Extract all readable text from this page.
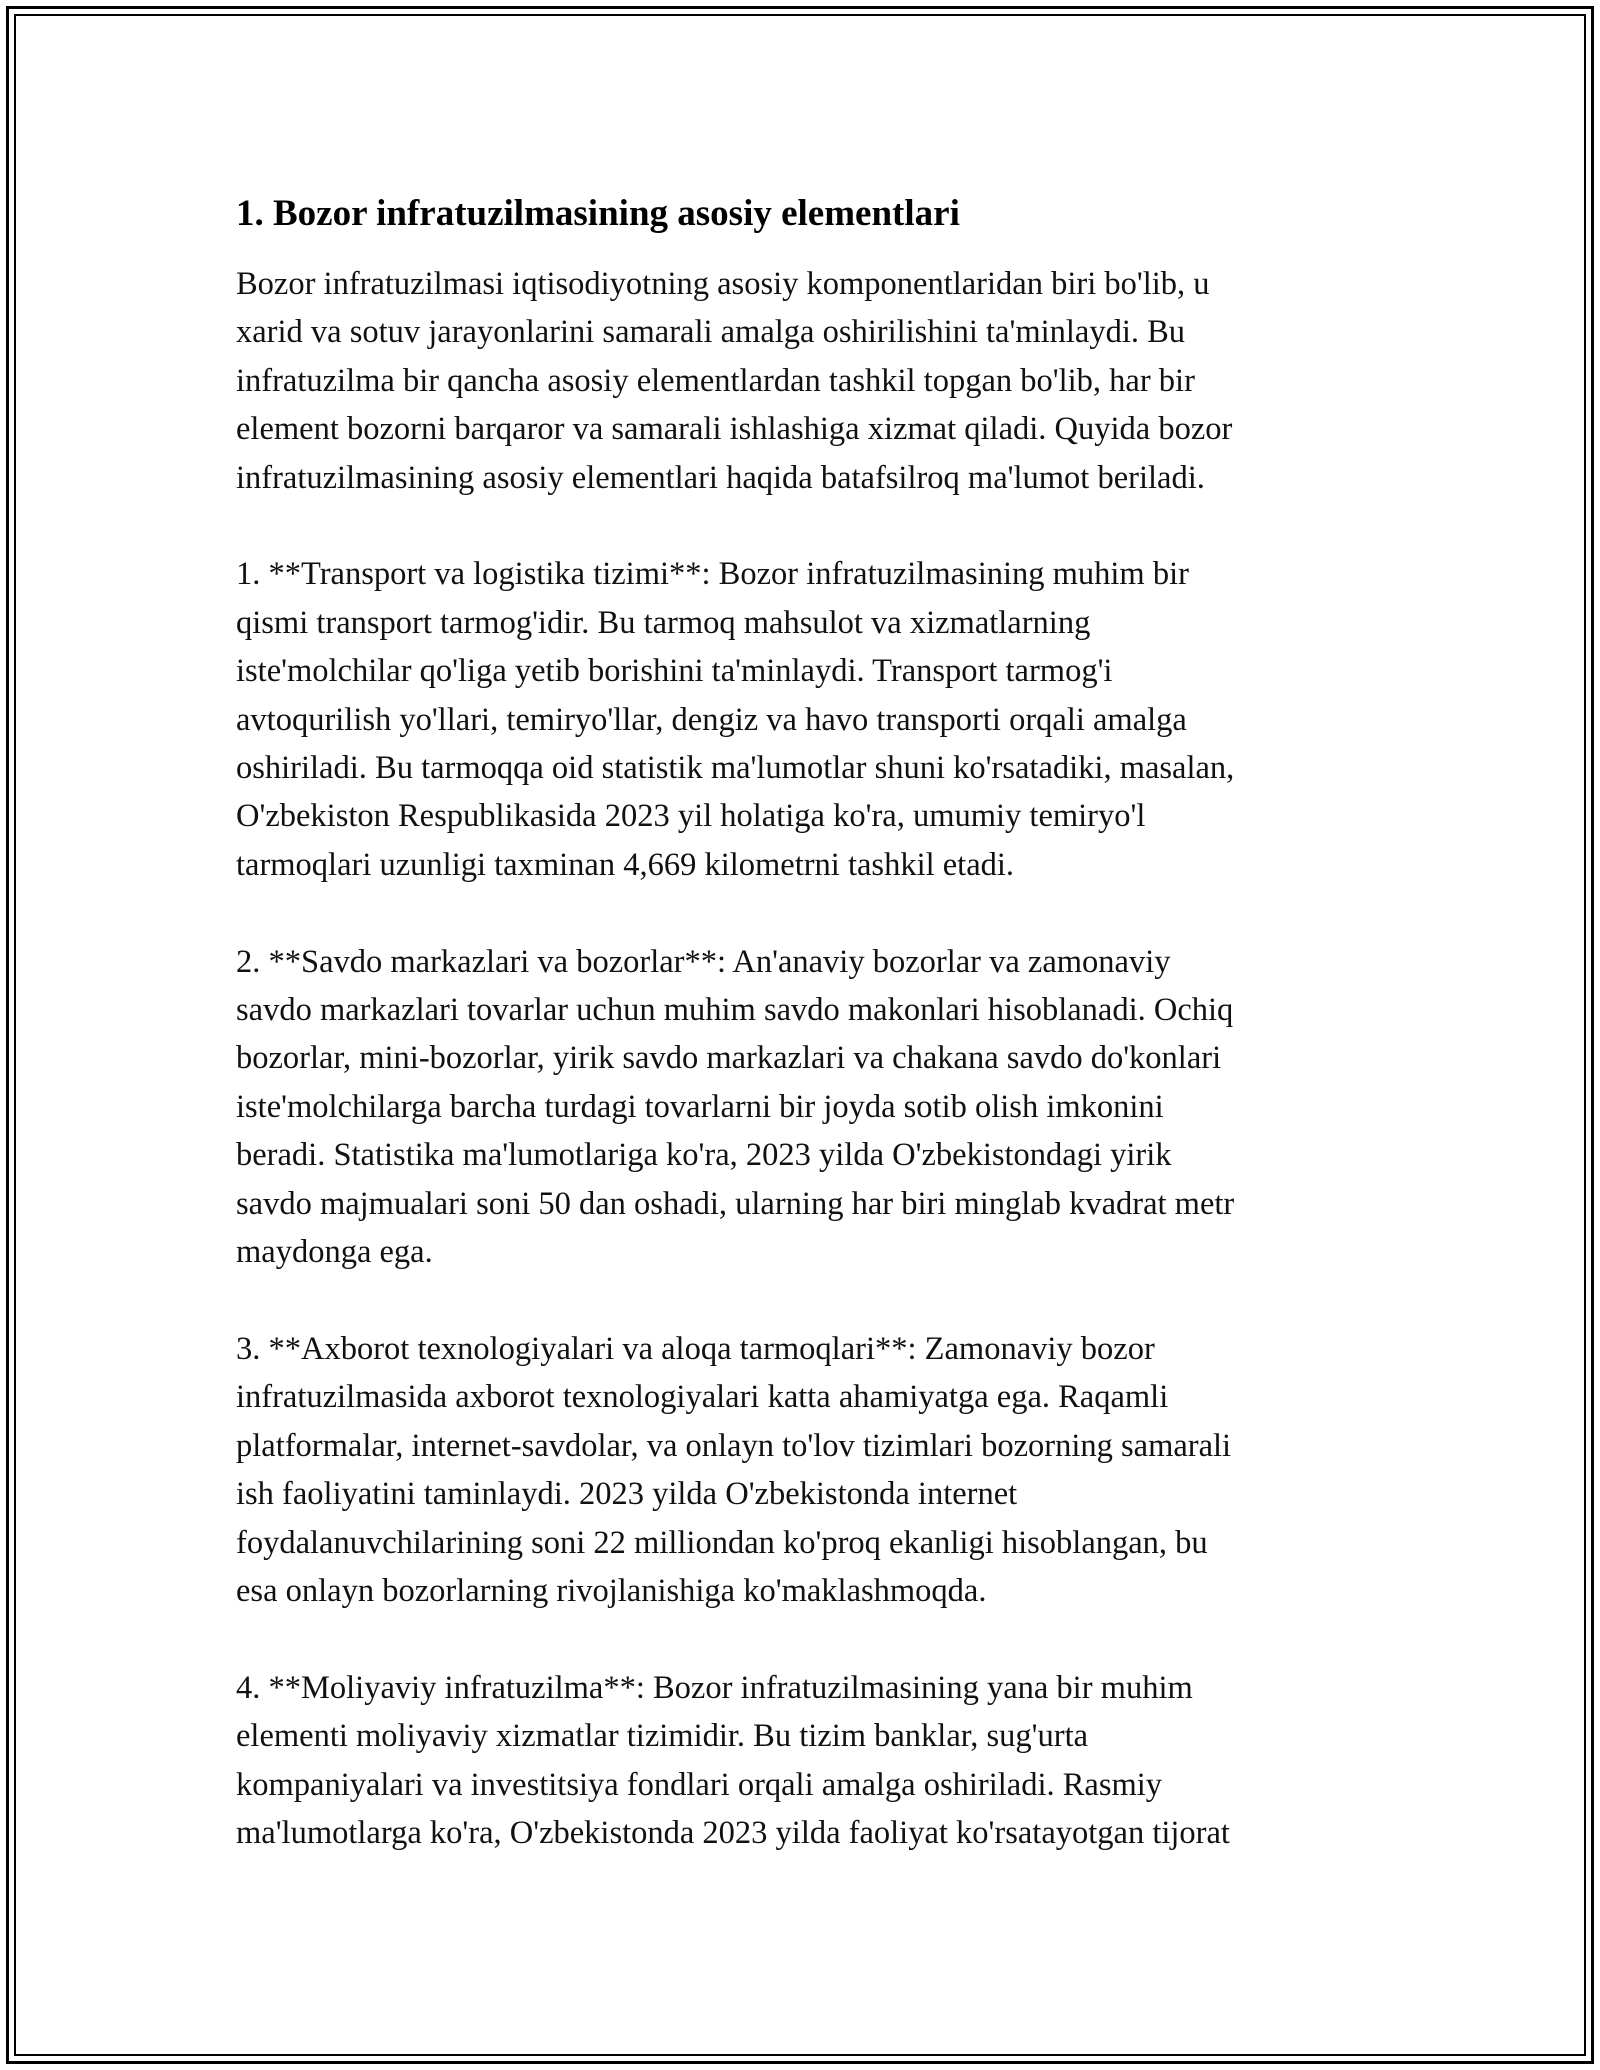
1. Bozor infratuzilmasining asosiy elementlari
Bozor infratuzilmasi iqtisodiyotning asosiy komponentlaridan biri bo'lib, u
xarid va sotuv jarayonlarini samarali amalga oshirilishini ta'minlaydi. Bu
infratuzilma bir qancha asosiy elementlardan tashkil topgan bo'lib, har bir
element bozorni barqaror va samarali ishlashiga xizmat qiladi. Quyida bozor
infratuzilmasining asosiy elementlari haqida batafsilroq ma'lumot beriladi.
1. **Transport va logistika tizimi**: Bozor infratuzilmasining muhim bir
qismi transport tarmog'idir. Bu tarmoq mahsulot va xizmatlarning
iste'molchilar qo'liga yetib borishini ta'minlaydi. Transport tarmog'i
avtoqurilish yo'llari, temiryo'llar, dengiz va havo transporti orqali amalga
oshiriladi. Bu tarmoqqa oid statistik ma'lumotlar shuni ko'rsatadiki, masalan,
O'zbekiston Respublikasida 2023 yil holatiga ko'ra, umumiy temiryo'l
tarmoqlari uzunligi taxminan 4,669 kilometrni tashkil etadi.
2. **Savdo markazlari va bozorlar**: An'anaviy bozorlar va zamonaviy
savdo markazlari tovarlar uchun muhim savdo makonlari hisoblanadi. Ochiq
bozorlar, mini-bozorlar, yirik savdo markazlari va chakana savdo do'konlari
iste'molchilarga barcha turdagi tovarlarni bir joyda sotib olish imkonini
beradi. Statistika ma'lumotlariga ko'ra, 2023 yilda O'zbekistondagi yirik
savdo majmualari soni 50 dan oshadi, ularning har biri minglab kvadrat metr
maydonga ega.
3. **Axborot texnologiyalari va aloqa tarmoqlari**: Zamonaviy bozor
infratuzilmasida axborot texnologiyalari katta ahamiyatga ega. Raqamli
platformalar, internet-savdolar, va onlayn to'lov tizimlari bozorning samarali
ish faoliyatini taminlaydi. 2023 yilda O'zbekistonda internet
foydalanuvchilarining soni 22 milliondan ko'proq ekanligi hisoblangan, bu
esa onlayn bozorlarning rivojlanishiga ko'maklashmoqda.
4. **Moliyaviy infratuzilma**: Bozor infratuzilmasining yana bir muhim
elementi moliyaviy xizmatlar tizimidir. Bu tizim banklar, sug'urta
kompaniyalari va investitsiya fondlari orqali amalga oshiriladi. Rasmiy
ma'lumotlarga ko'ra, O'zbekistonda 2023 yilda faoliyat ko'rsatayotgan tijorat
